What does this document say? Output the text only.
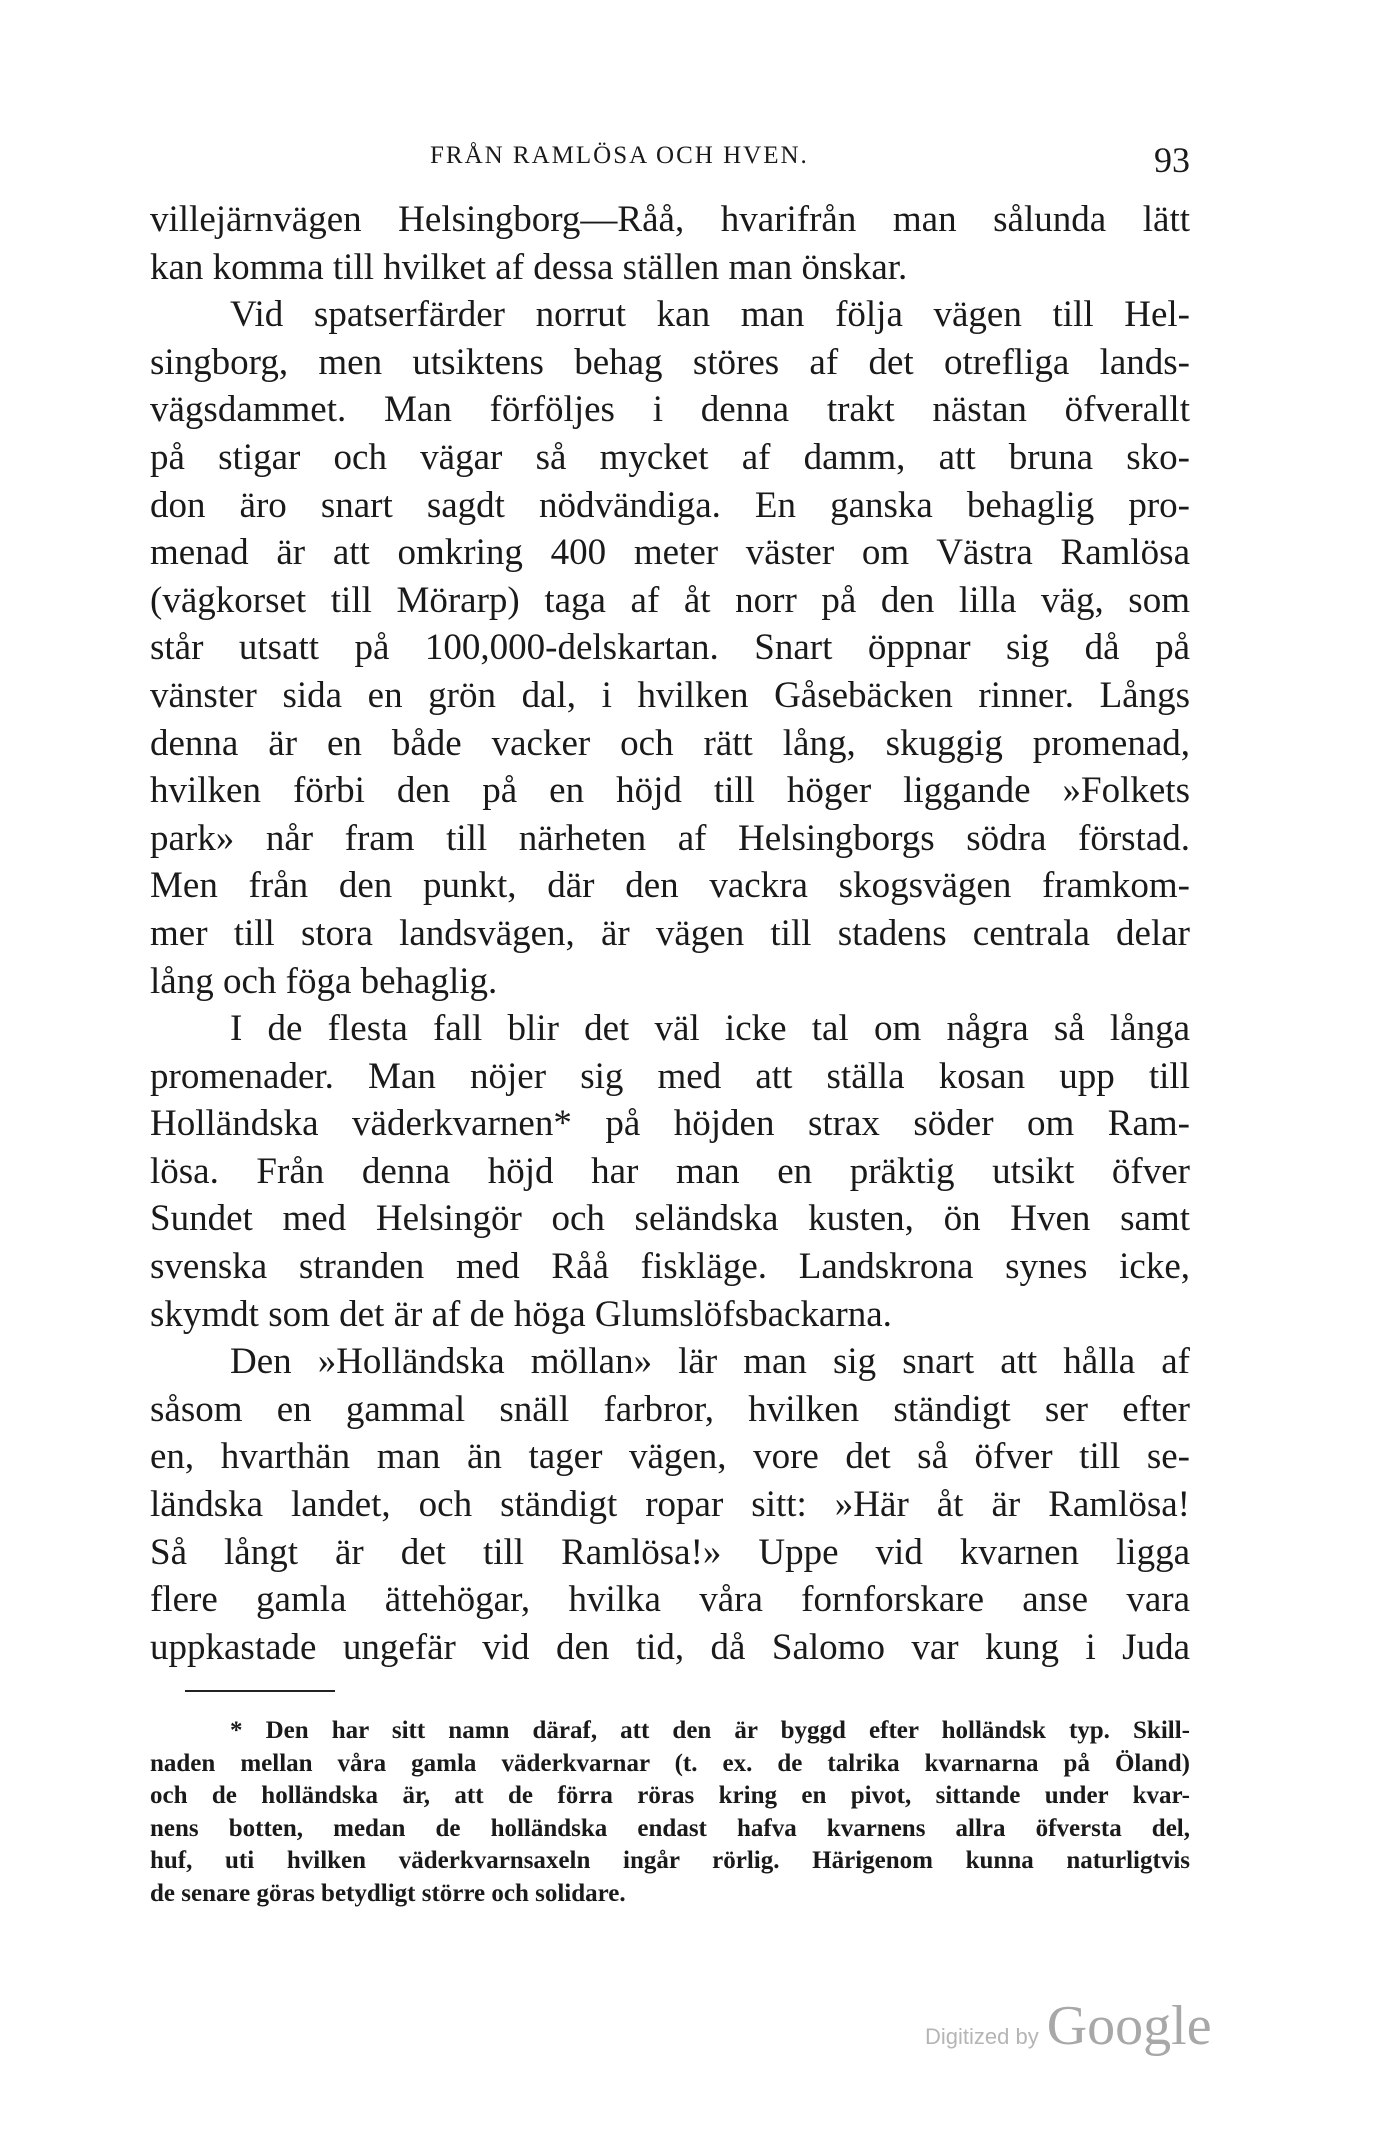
FRÅN RAMLÖSA OCH HVEN.	93
villejärnvägen Helsingborg—Råå, hvarifrån man sålunda lätt
kan komma till hvilket af dessa ställen man önskar.
Vid spatserfärder norrut kan man följa vägen till Hel-
singborg, men utsiktens behag störes af det otrefliga lands-
vägsdammet. Man förföljes i denna trakt nästan öfverallt
på stigar och vägar så mycket af damm, att bruna sko-
don äro snart sagdt nödvändiga. En ganska behaglig pro-
menad är att omkring 400 meter väster om Västra Ramlösa
(vägkorset till Mörarp) taga af åt norr på den lilla väg, som
står utsatt på 100,000-delskartan. Snart öppnar sig då på
vänster sida en grön dal, i hvilken Gåsebäcken rinner. Långs
denna är en både vacker och rätt lång, skuggig promenad,
hvilken förbi den på en höjd till höger liggande »Folkets
park» når fram till närheten af Helsingborgs södra förstad.
Men från den punkt, där den vackra skogsvägen framkom-
mer till stora landsvägen, är vägen till stadens centrala delar
lång och föga behaglig.
I de flesta fall blir det väl icke tal om några så långa
promenader. Man nöjer sig med att ställa kosan upp till
Holländska väderkvarnen* på höjden strax söder om Ram-
lösa. Från denna höjd har man en präktig utsikt öfver
Sundet med Helsingör och seländska kusten, ön Hven samt
svenska stranden med Råå fiskläge. Landskrona synes icke,
skymdt som det är af de höga Glumslöfsbackarna.
Den »Holländska möllan» lär man sig snart att hålla af
såsom en gammal snäll farbror, hvilken ständigt ser efter
en, hvarthän man än tager vägen, vore det så öfver till se-
ländska landet, och ständigt ropar sitt: »Här åt är Ramlösa!
Så långt är det till Ramlösa!» Uppe vid kvarnen ligga
flere gamla ättehögar, hvilka våra fornforskare anse vara
uppkastade ungefär vid den tid, då Salomo var kung i Juda
* Den har sitt namn däraf, att den är byggd efter holländsk typ. Skill-
naden mellan våra gamla väderkvarnar (t. ex. de talrika kvarnarna på Öland)
och de holländska är, att de förra röras kring en pivot, sittande under kvar-
nens botten, medan de holländska endast hafva kvarnens allra öfversta del,
huf, uti hvilken väderkvarnsaxeln ingår rörlig. Härigenom kunna naturligtvis
de senare göras betydligt större och solidare.
Digitized by Google
